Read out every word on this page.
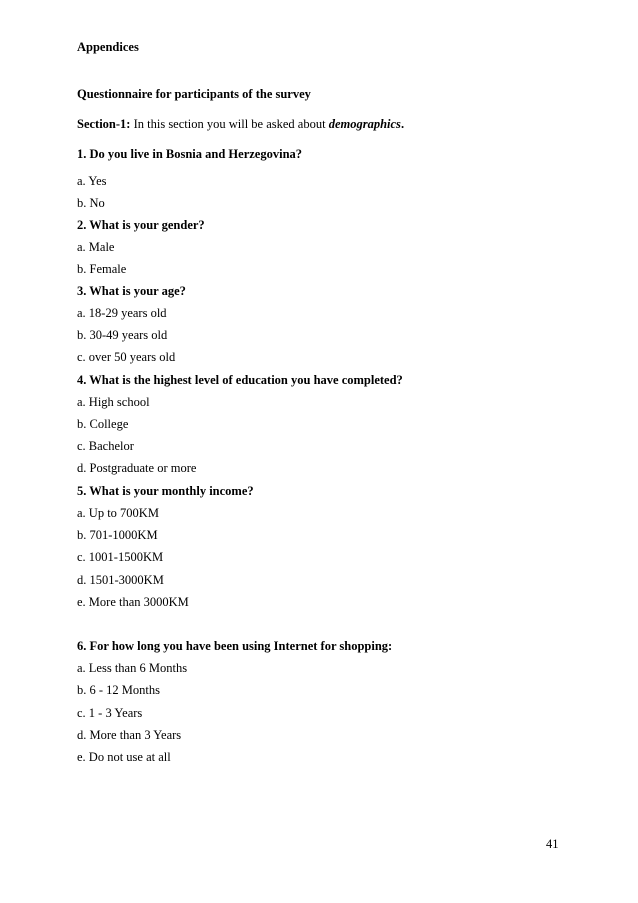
Appendices
Questionnaire for participants of the survey
Section-1: In this section you will be asked about demographics.
1. Do you live in Bosnia and Herzegovina?
a. Yes
b. No
2. What is your gender?
a. Male
b. Female
3. What is your age?
a. 18-29 years old
b. 30-49 years old
c. over 50 years old
4. What is the highest level of education you have completed?
a. High school
b. College
c. Bachelor
d. Postgraduate or more
5. What is your monthly income?
a. Up to 700KM
b. 701-1000KM
c. 1001-1500KM
d. 1501-3000KM
e. More than 3000KM
6. For how long you have been using Internet for shopping:
a. Less than 6 Months
b. 6 - 12 Months
c. 1 - 3 Years
d. More than 3 Years
e. Do not use at all
41
